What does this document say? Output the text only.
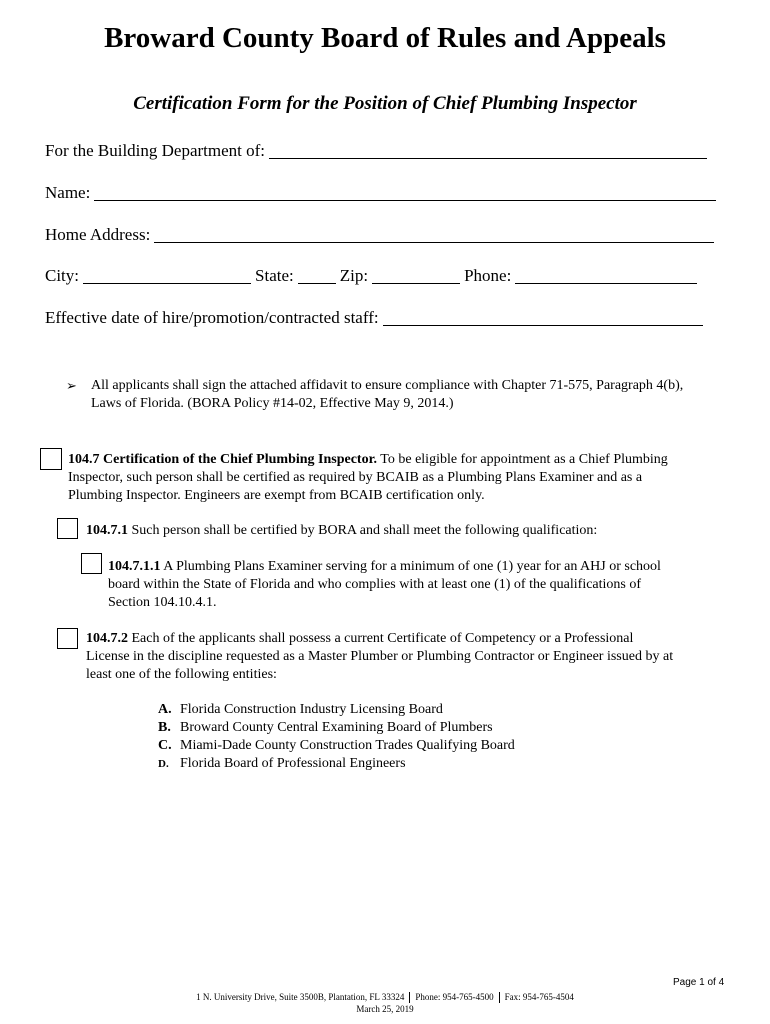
Broward County Board of Rules and Appeals
Certification Form for the Position of Chief Plumbing Inspector
For the Building Department of:
Name:
Home Address:
City:	State:	Zip:	Phone:
Effective date of hire/promotion/contracted staff:
➢ All applicants shall sign the attached affidavit to ensure compliance with Chapter 71-575, Paragraph 4(b),
Laws of Florida. (BORA Policy #14-02, Effective May 9, 2014.)
104.7 Certification of the Chief Plumbing Inspector. To be eligible for appointment as a Chief Plumbing
Inspector, such person shall be certified as required by BCAIB as a Plumbing Plans Examiner and as a
Plumbing Inspector. Engineers are exempt from BCAIB certification only.
104.7.1 Such person shall be certified by BORA and shall meet the following qualification:
104.7.1.1 A Plumbing Plans Examiner serving for a minimum of one (1) year for an AHJ or school
board within the State of Florida and who complies with at least one (1) of the qualifications of
Section 104.10.4.1.
104.7.2 Each of the applicants shall possess a current Certificate of Competency or a Professional
License in the discipline requested as a Master Plumber or Plumbing Contractor or Engineer issued by at
least one of the following entities:
A. Florida Construction Industry Licensing Board
B. Broward County Central Examining Board of Plumbers
C. Miami-Dade County Construction Trades Qualifying Board
D. Florida Board of Professional Engineers
Page 1 of 4
1 N. University Drive, Suite 3500B, Plantation, FL 33324 Phone: 954-765-4500 Fax: 954-765-4504
March 25, 2019
